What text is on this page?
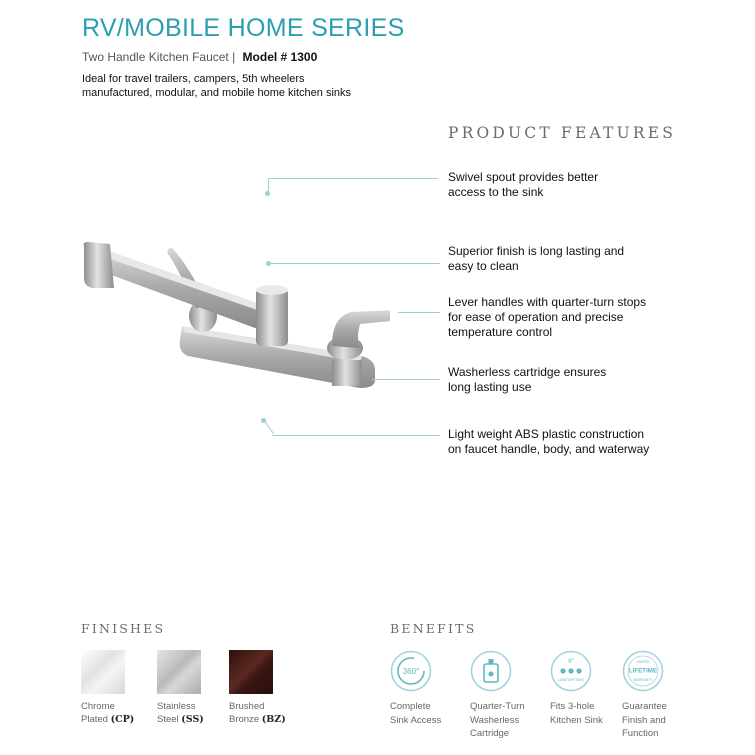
RV/MOBILE HOME SERIES
Two Handle Kitchen Faucet | Model # 1300
Ideal for travel trailers, campers, 5th wheelers
manufactured, modular, and mobile home kitchen sinks
PRODUCT FEATURES
Swivel spout provides better
access to the sink
Superior finish is long lasting and
easy to clean
Lever handles with quarter-turn stops
for ease of operation and precise
temperature control
Washerless cartridge ensures
long lasting use
Light weight ABS plastic construction
on faucet handle, body, and waterway
FINISHES
Chrome
Plated (CP)
Stainless
Steel (SS)
Brushed
Bronze (BZ)
BENEFITS
360°
Complete
Sink Access
Quarter-Turn
Washerless
Cartridge
8"
LAVATORY SINK
Fits 3-hole
Kitchen Sink
LIMITED
LIFETIME
WARRANTY
Guarantee
Finish and
Function
